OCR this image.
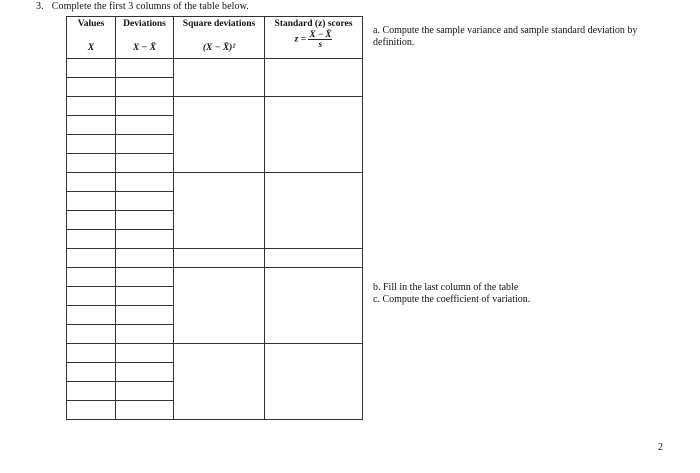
3. Complete the first 3 columns of the table below.
Values	Deviations	Square deviations	Standard (z) scores
X	X − X̄	(X − X̄)²	$z = \frac{X - X̄}{s}$

		a. Compute the sample variance and sample standard deviation by definition.
b. Fill in the last column of the table
c. Compute the coefficient of variation.
2
